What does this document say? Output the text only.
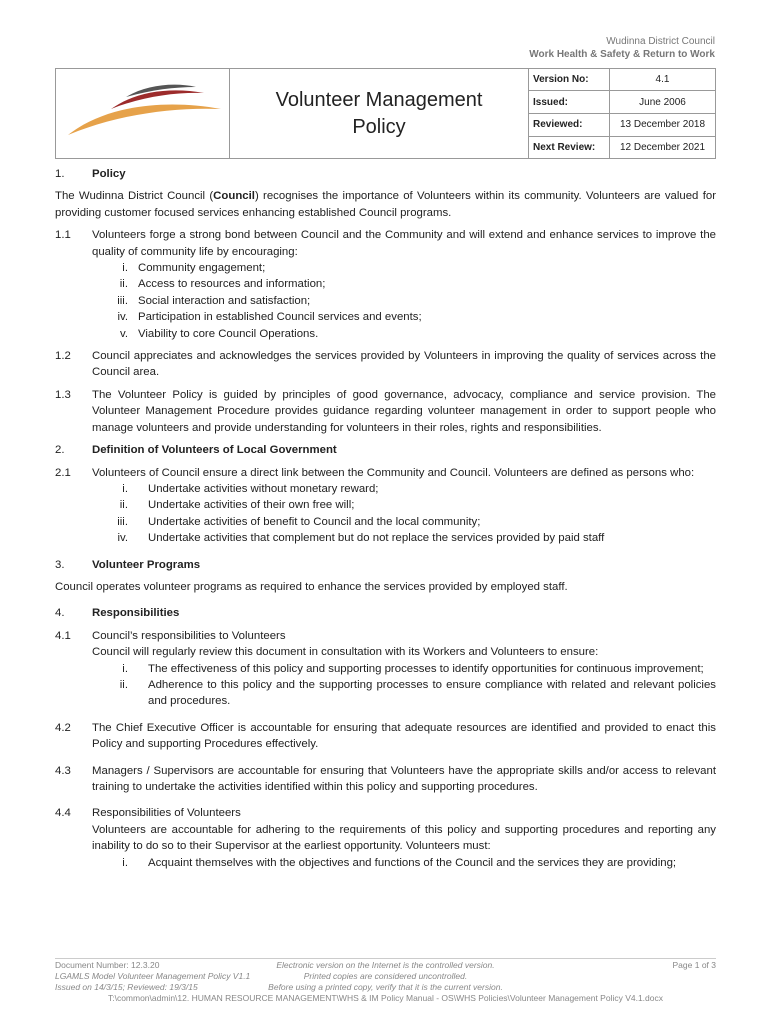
Wudinna District Council
Work Health & Safety & Return to Work

Volunteer Management
Policy

Version No:	4.1
Issued:	June 2006
Reviewed:	13 December 2018
Next Review:	12 December 2021
1.	Policy
The Wudinna District Council (Council) recognises the importance of Volunteers within its community. Volunteers are valued for providing customer focused services enhancing established Council programs.
1.1	Volunteers forge a strong bond between Council and the Community and will extend and enhance services to improve the quality of community life by encouraging:
i. Community engagement;
ii. Access to resources and information;
iii. Social interaction and satisfaction;
iv. Participation in established Council services and events;
v. Viability to core Council Operations.
1.2	Council appreciates and acknowledges the services provided by Volunteers in improving the quality of services across the Council area.
1.3	The Volunteer Policy is guided by principles of good governance, advocacy, compliance and service provision. The Volunteer Management Procedure provides guidance regarding volunteer management in order to support people who manage volunteers and provide understanding for volunteers in their roles, rights and responsibilities.
2.	Definition of Volunteers of Local Government
2.1	Volunteers of Council ensure a direct link between the Community and Council. Volunteers are defined as persons who:
i.	Undertake activities without monetary reward;
ii.	Undertake activities of their own free will;
iii.	Undertake activities of benefit to Council and the local community;
iv.	Undertake activities that complement but do not replace the services provided by paid staff
3.	Volunteer Programs
Council operates volunteer programs as required to enhance the services provided by employed staff.
4.	Responsibilities
4.1	Council’s responsibilities to Volunteers
Council will regularly review this document in consultation with its Workers and Volunteers to ensure:
i.	The effectiveness of this policy and supporting processes to identify opportunities for continuous improvement;
ii.	Adherence to this policy and the supporting processes to ensure compliance with related and relevant policies and procedures.
4.2	The Chief Executive Officer is accountable for ensuring that adequate resources are identified and provided to enact this Policy and supporting Procedures effectively.
4.3	Managers / Supervisors are accountable for ensuring that Volunteers have the appropriate skills and/or access to relevant training to undertake the activities identified within this policy and supporting procedures.
4.4	Responsibilities of Volunteers
Volunteers are accountable for adhering to the requirements of this policy and supporting procedures and reporting any inability to do so to their Supervisor at the earliest opportunity. Volunteers must:
i.	Acquaint themselves with the objectives and functions of the Council and the services they are providing;
Document Number: 12.3.20
LGAMLS Model Volunteer Management Policy V1.1
Issued on 14/3/15; Reviewed: 19/3/15
Electronic version on the Internet is the controlled version.
Printed copies are considered uncontrolled.
Before using a printed copy, verify that it is the current version.
Page 1 of 3
T:\common\admin\12. HUMAN RESOURCE MANAGEMENT\WHS & IM Policy Manual - OS\WHS Policies\Volunteer Management Policy V4.1.docx
